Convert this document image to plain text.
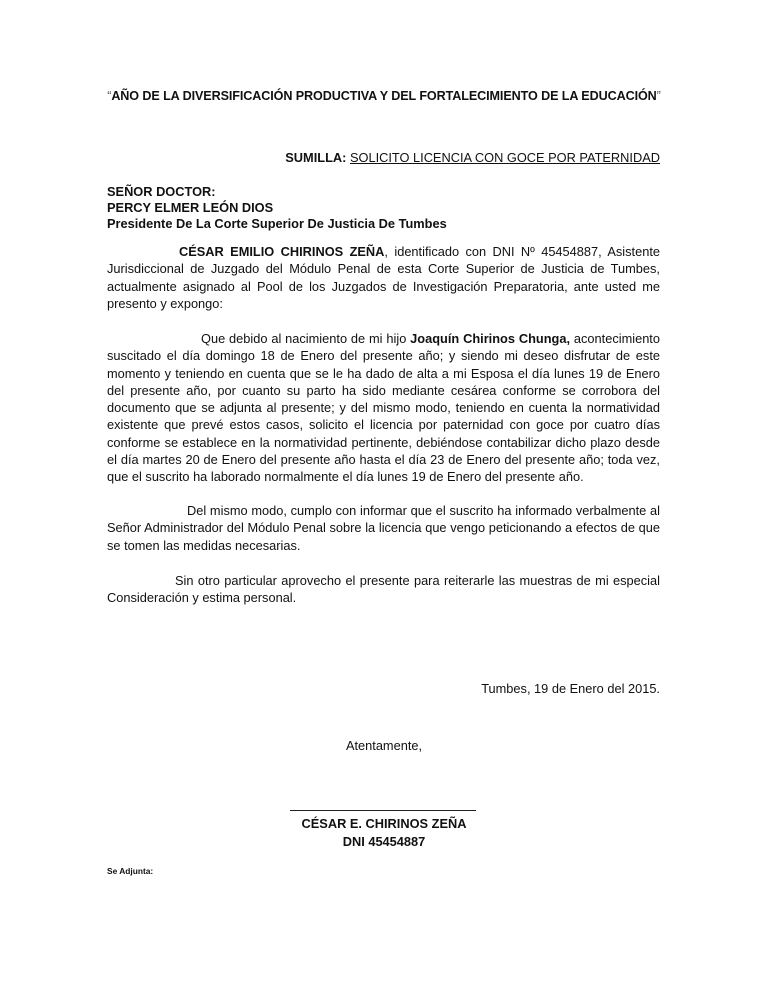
“AÑO DE LA DIVERSIFICACIÓN PRODUCTIVA Y DEL FORTALECIMIENTO DE LA EDUCACIÓN”
SUMILLA: SOLICITO LICENCIA CON GOCE POR PATERNIDAD
SEÑOR DOCTOR:
PERCY ELMER LEÓN DIOS
Presidente De La Corte Superior De Justicia De Tumbes
CÉSAR EMILIO CHIRINOS ZEÑA, identificado con DNI Nº 45454887, Asistente Jurisdiccional de Juzgado del Módulo Penal de esta Corte Superior de Justicia de Tumbes, actualmente asignado al Pool de los Juzgados de Investigación Preparatoria, ante usted me presento y expongo:
Que debido al nacimiento de mi hijo Joaquín Chirinos Chunga, acontecimiento suscitado el día domingo 18 de Enero del presente año; y siendo mi deseo disfrutar de este momento y teniendo en cuenta que se le ha dado de alta a mi Esposa el día lunes 19 de Enero del presente año, por cuanto su parto ha sido mediante cesárea conforme se corrobora del documento que se adjunta al presente; y del mismo modo, teniendo en cuenta la normatividad existente que prevé estos casos, solicito el licencia por paternidad con goce por cuatro días conforme se establece en la normatividad pertinente, debiéndose contabilizar dicho plazo desde el día martes 20 de Enero del presente año hasta el día 23 de Enero del presente año; toda vez, que el suscrito ha laborado normalmente el día lunes 19 de Enero del presente año.
Del mismo modo, cumplo con informar que el suscrito ha informado verbalmente al Señor Administrador del Módulo Penal sobre la licencia que vengo peticionando a efectos de que se tomen las medidas necesarias.
Sin otro particular aprovecho el presente para reiterarle las muestras de mi especial Consideración y estima personal.
Tumbes, 19 de Enero del 2015.
Atentamente,
CÉSAR E. CHIRINOS ZEÑA
DNI 45454887
Se Adjunta:
